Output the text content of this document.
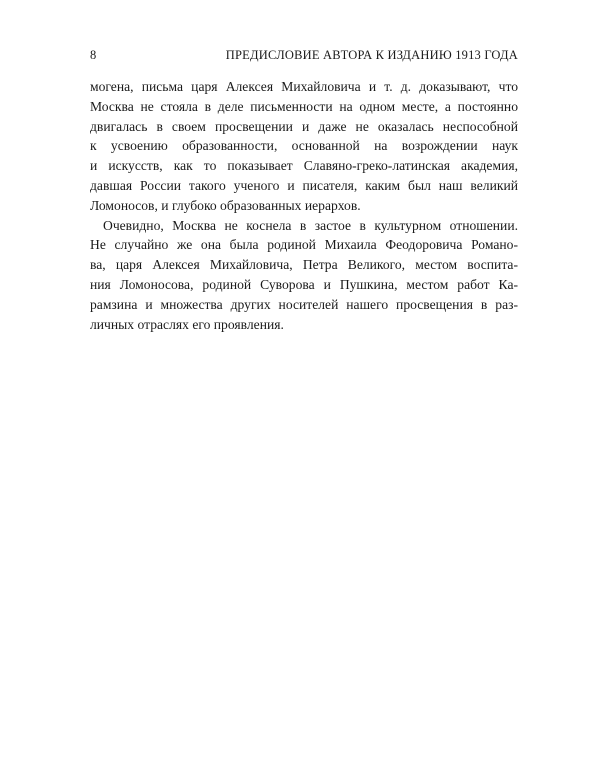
8	ПРЕДИСЛОВИЕ АВТОРА К ИЗДАНИЮ 1913 ГОДА

могена, письма царя Алексея Михайловича и т. д. доказывают, что
Москва не стояла в деле письменности на одном месте, а постоянно
двигалась в своем просвещении и даже не оказалась неспособной
к усвоению образованности, основанной на возрождении наук
и искусств, как то показывает Славяно-греко-латинская академия,
давшая России такого ученого и писателя, каким был наш великий
Ломоносов, и глубоко образованных иерархов.

Очевидно, Москва не коснела в застое в культурном отношении.
Не случайно же она была родиной Михаила Феодоровича Романо-
ва, царя Алексея Михайловича, Петра Великого, местом воспита-
ния Ломоносова, родиной Суворова и Пушкина, местом работ Ка-
рамзина и множества других носителей нашего просвещения в раз-
личных отраслях его проявления.
